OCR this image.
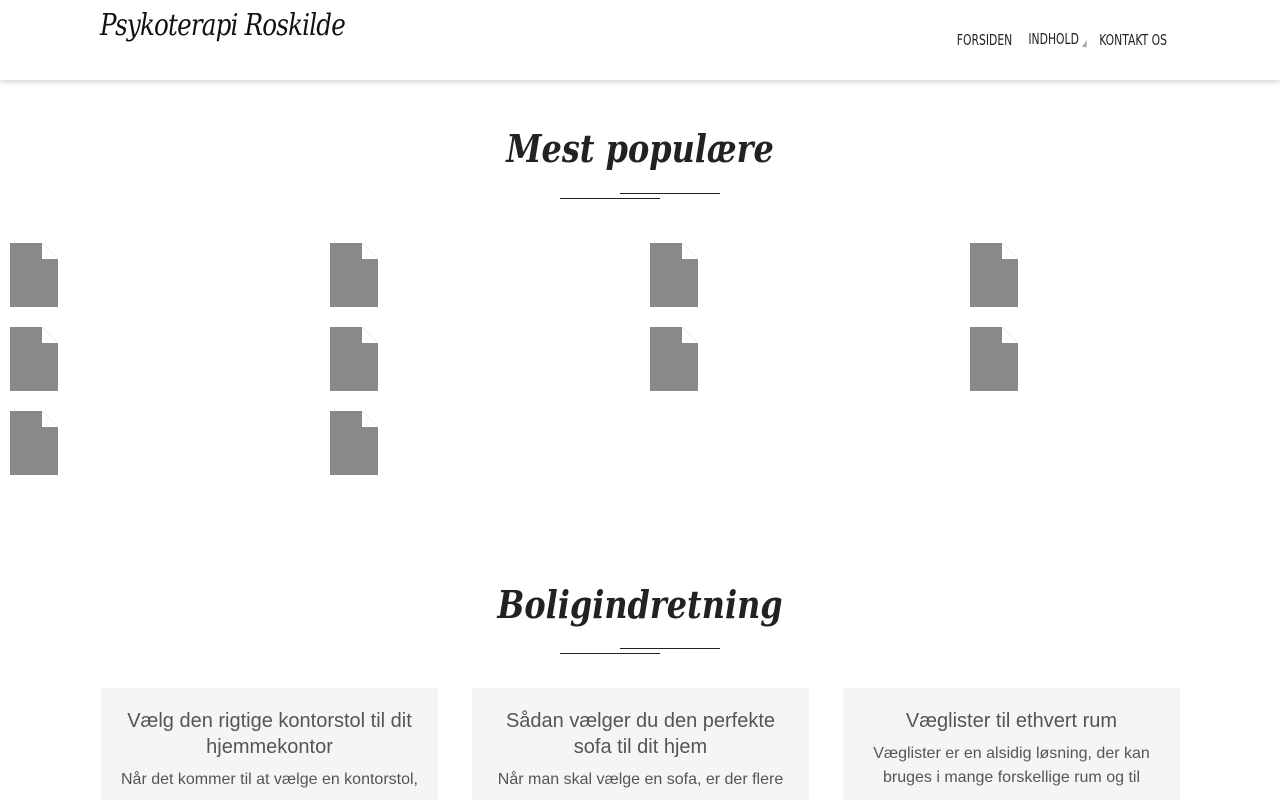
Psykoterapi Roskilde	FORSIDEN INDHOLD ◢ KONTAKT OS
Mest populære
Boligindretning
Vælg den rigtige kontorstol til dit hjemmekontor
Når det kommer til at vælge en kontorstol,
Sådan vælger du den perfekte sofa til dit hjem
Når man skal vælge en sofa, er der flere
Væglister til ethvert rum
Væglister er en alsidig løsning, der kan bruges i mange forskellige rum og til
